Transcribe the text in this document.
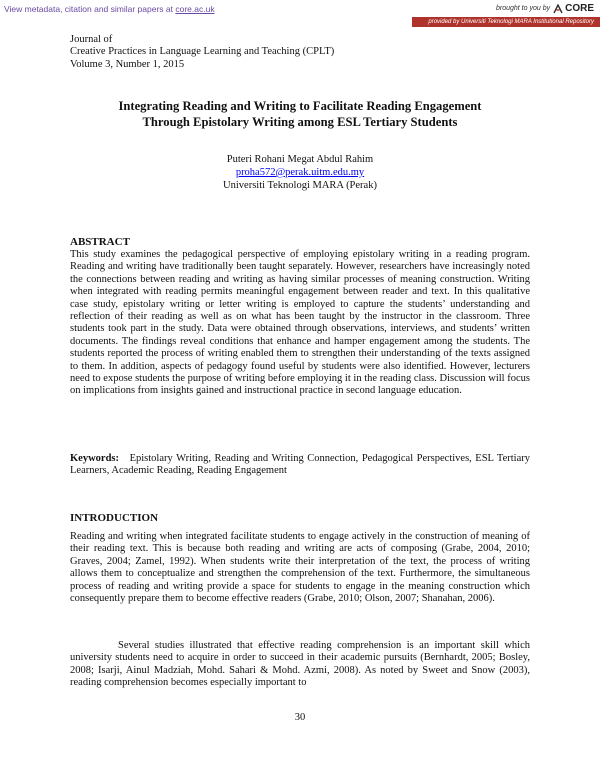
View metadata, citation and similar papers at core.ac.uk	brought to you by CORE
provided by Universiti Teknologi MARA Institutional Repository
Journal of
Creative Practices in Language Learning and Teaching (CPLT)
Volume 3, Number 1, 2015
Integrating Reading and Writing to Facilitate Reading Engagement
Through Epistolary Writing among ESL Tertiary Students
Puteri Rohani Megat Abdul Rahim
proha572@perak.uitm.edu.my
Universiti Teknologi MARA (Perak)
ABSTRACT

This study examines the pedagogical perspective of employing epistolary writing in a reading program. Reading and writing have traditionally been taught separately. However, researchers have increasingly noted the connections between reading and writing as having similar processes of meaning construction. Writing when integrated with reading permits meaningful engagement between reader and text. In this qualitative case study, epistolary writing or letter writing is employed to capture the students’ understanding and reflection of their reading as well as on what has been taught by the instructor in the classroom. Three students took part in the study. Data were obtained through observations, interviews, and students’ written documents. The findings reveal conditions that enhance and hamper engagement among the students. The students reported the process of writing enabled them to strengthen their understanding of the texts assigned to them. In addition, aspects of pedagogy found useful by students were also identified. However, lecturers need to expose students the purpose of writing before employing it in the reading class. Discussion will focus on implications from insights gained and instructional practice in second language education.

Keywords: Epistolary Writing, Reading and Writing Connection, Pedagogical Perspectives, ESL Tertiary Learners, Academic Reading, Reading Engagement

INTRODUCTION

Reading and writing when integrated facilitate students to engage actively in the construction of meaning of their reading text. This is because both reading and writing are acts of composing (Grabe, 2004, 2010; Graves, 2004; Zamel, 1992). When students write their interpretation of the text, the process of writing allows them to conceptualize and strengthen the comprehension of the text. Furthermore, the simultaneous process of reading and writing provide a space for students to engage in the meaning construction which consequently prepare them to become effective readers (Grabe, 2010; Olson, 2007; Shanahan, 2006).

Several studies illustrated that effective reading comprehension is an important skill which university students need to acquire in order to succeed in their academic pursuits (Bernhardt, 2005; Bosley, 2008; Isarji, Ainul Madziah, Mohd. Sahari & Mohd. Azmi, 2008). As noted by Sweet and Snow (2003), reading comprehension becomes especially important to

30
